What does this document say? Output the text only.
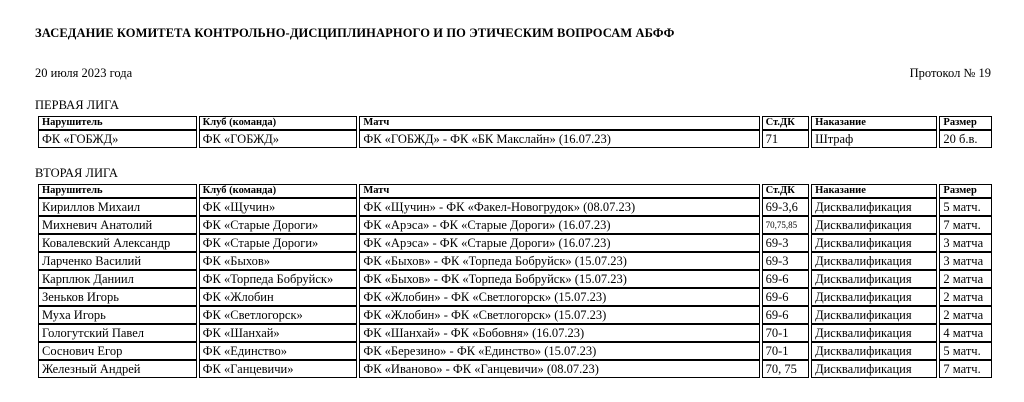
ЗАСЕДАНИЕ КОМИТЕТА КОНТРОЛЬНО-ДИСЦИПЛИНАРНОГО И ПО ЭТИЧЕСКИМ ВОПРОСАМ АБФФ
20 июля 2023 года	Протокол № 19
ПЕРВАЯ ЛИГА
Нарушитель	Клуб (команда)	Матч	Ст.ДК	Наказание	Размер
ФК «ГОБЖД»	ФК «ГОБЖД»	ФК «ГОБЖД» - ФК «БК Макслайн» (16.07.23)	71	Штраф	20 б.в.
ВТОРАЯ ЛИГА
Нарушитель	Клуб (команда)	Матч	Ст.ДК	Наказание	Размер
Кириллов Михаил	ФК «Щучин»	ФК «Щучин» - ФК «Факел-Новогрудок» (08.07.23)	69-3,6	Дисквалификация	5 матч.
Михневич Анатолий	ФК «Старые Дороги»	ФК «Арэса» - ФК «Старые Дороги» (16.07.23)	70,75,85	Дисквалификация	7 матч.
Ковалевский Александр	ФК «Старые Дороги»	ФК «Арэса» - ФК «Старые Дороги» (16.07.23)	69-3	Дисквалификация	3 матча
Ларченко Василий	ФК «Быхов»	ФК «Быхов» - ФК «Торпеда Бобруйск» (15.07.23)	69-3	Дисквалификация	3 матча
Карплюк Даниил	ФК «Торпеда Бобруйск»	ФК «Быхов» - ФК «Торпеда Бобруйск» (15.07.23)	69-6	Дисквалификация	2 матча
Зеньков Игорь	ФК «Жлобин	ФК «Жлобин» - ФК «Светлогорск» (15.07.23)	69-6	Дисквалификация	2 матча
Муха Игорь	ФК «Светлогорск»	ФК «Жлобин» - ФК «Светлогорск» (15.07.23)	69-6	Дисквалификация	2 матча
Гологутский Павел	ФК «Шанхай»	ФК «Шанхай» - ФК «Бобовня» (16.07.23)	70-1	Дисквалификация	4 матча
Соснович Егор	ФК «Единство»	ФК «Березино» - ФК «Единство» (15.07.23)	70-1	Дисквалификация	5 матч.
Железный Андрей	ФК «Ганцевичи»	ФК «Иваново» - ФК «Ганцевичи» (08.07.23)	70, 75	Дисквалификация	7 матч.
